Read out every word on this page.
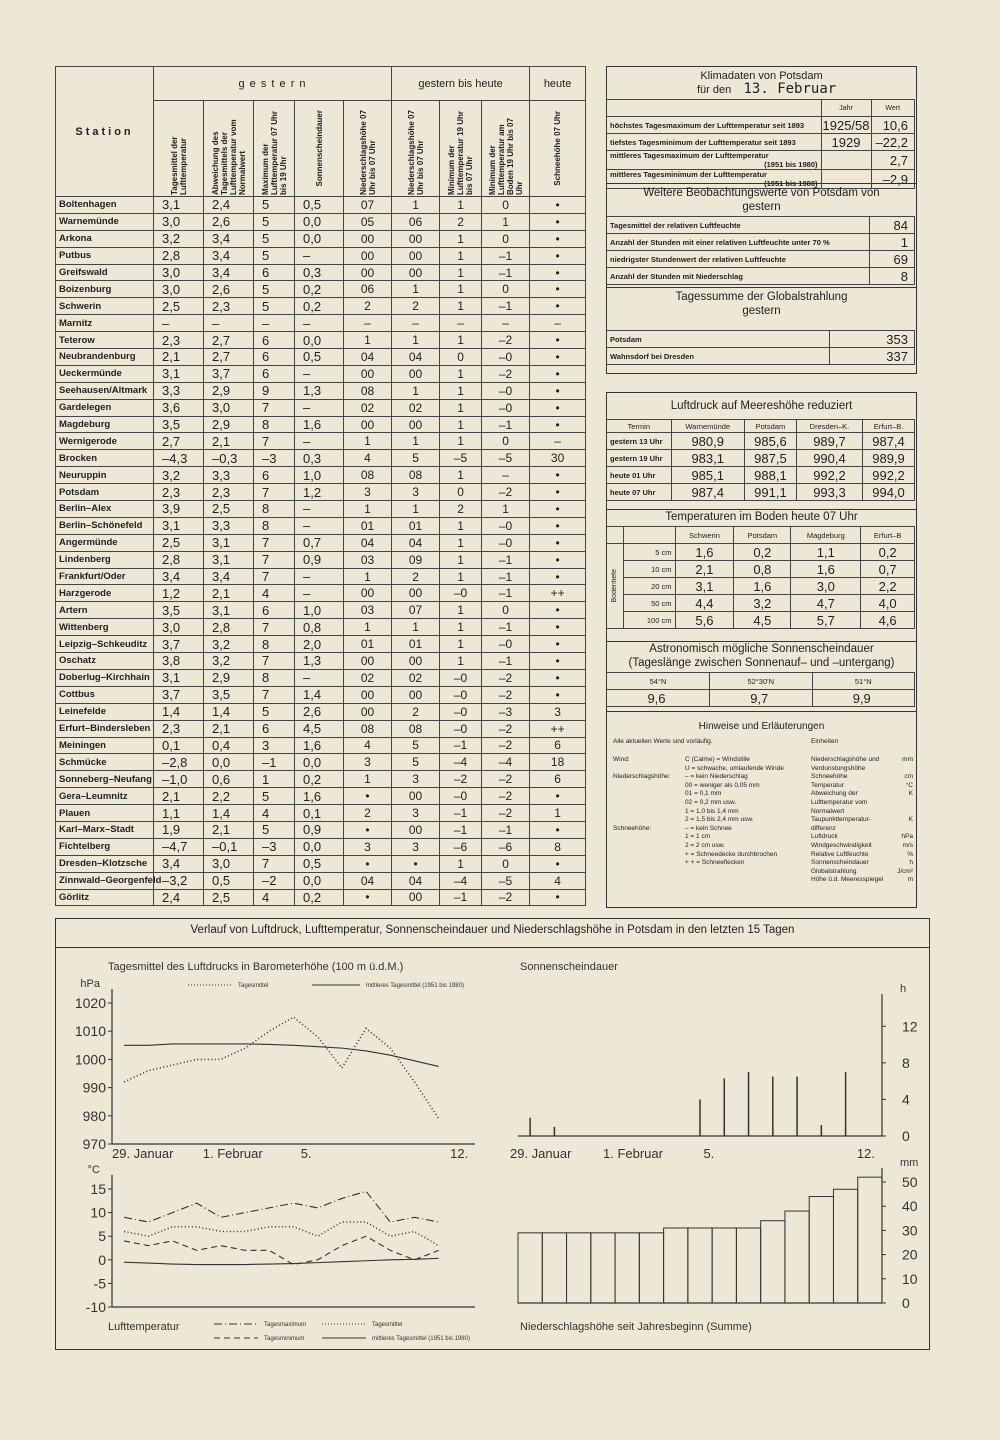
Station	g e s t e r n					gestern bis heute			heute

	Tagesmittel der Lufttemperatur	Abweichung des Tagesmittels der Lufttemperatur vom Normalwert	Maximum der Lufttemperatur 07 Uhr bis 19 Uhr	Sonnenscheindauer	Niederschlagshöhe 07 Uhr bis 07 Uhr	Niederschlagshöhe 07 Uhr bis 07 Uhr	Minimum der Lufttemperatur 19 Uhr bis 07 Uhr	Minimum der Lufttemperatur am Boden 19 Uhr bis 07 Uhr	Schneehöhe 07 Uhr

Boltenhagen	3,1	2,4	5	0,5	07	1	1	0	•
Warnemünde	3,0	2,6	5	0,0	05	06	2	1	•
Arkona	3,2	3,4	5	0,0	00	00	1	0	•
Putbus	2,8	3,4	5	–	00	00	1	–1	•
Greifswald	3,0	3,4	6	0,3	00	00	1	–1	•
Boizenburg	3,0	2,6	5	0,2	06	1	1	0	•
Schwerin	2,5	2,3	5	0,2	2	2	1	–1	•
Marnitz	–	–	–	–	–	–	–	–	–
Teterow	2,3	2,7	6	0,0	1	1	1	–2	•
Neubrandenburg	2,1	2,7	6	0,5	04	04	0	–0	•
Ueckermünde	3,1	3,7	6	–	00	00	1	–2	•
Seehausen/Altmark	3,3	2,9	9	1,3	08	1	1	–0	•
Gardelegen	3,6	3,0	7	–	02	02	1	–0	•
Magdeburg	3,5	2,9	8	1,6	00	00	1	–1	•
Wernigerode	2,7	2,1	7	–	1	1	1	0	–
Brocken	–4,3	–0,3	–3	0,3	4	5	–5	–5	30
Neuruppin	3,2	3,3	6	1,0	08	08	1	–	•
Potsdam	2,3	2,3	7	1,2	3	3	0	–2	•
Berlin–Alex	3,9	2,5	8	–	1	1	2	1	•
Berlin–Schönefeld	3,1	3,3	8	–	01	01	1	–0	•
Angermünde	2,5	3,1	7	0,7	04	04	1	–0	•
Lindenberg	2,8	3,1	7	0,9	03	09	1	–1	•
Frankfurt/Oder	3,4	3,4	7	–	1	2	1	–1	•
Harzgerode	1,2	2,1	4	–	00	00	–0	–1	++
Artern	3,5	3,1	6	1,0	03	07	1	0	•
Wittenberg	3,0	2,8	7	0,8	1	1	1	–1	•
Leipzig–Schkeuditz	3,7	3,2	8	2,0	01	01	1	–0	•
Oschatz	3,8	3,2	7	1,3	00	00	1	–1	•
Doberlug–Kirchhain	3,1	2,9	8	–	02	02	–0	–2	•
Cottbus	3,7	3,5	7	1,4	00	00	–0	–2	•
Leinefelde	1,4	1,4	5	2,6	00	2	–0	–3	3
Erfurt–Bindersleben	2,3	2,1	6	4,5	08	08	–0	–2	++
Meiningen	0,1	0,4	3	1,6	4	5	–1	–2	6
Schmücke	–2,8	0,0	–1	0,0	3	5	–4	–4	18
Sonneberg–Neufang	–1,0	0,6	1	0,2	1	3	–2	–2	6
Gera–Leumnitz	2,1	2,2	5	1,6	•	00	–0	–2	•
Plauen	1,1	1,4	4	0,1	2	3	–1	–2	1
Karl–Marx–Stadt	1,9	2,1	5	0,9	•	00	–1	–1	•
Fichtelberg	–4,7	–0,1	–3	0,0	3	3	–6	–6	8
Dresden–Klotzsche	3,4	3,0	7	0,5	•	•	1	0	•
Zinnwald–Georgenfeld	–3,2	0,5	–2	0,0	04	04	–4	–5	4
Görlitz	2,4	2,5	4	0,2	•	00	–1	–2	•
Klimadaten von Potsdam
für den 13. Februar
	Jahr	Wert
höchstes Tagesmaximum der Lufttemperatur seit 1893	1925/58	10,6
tiefstes Tagesminimum der Lufttemperatur seit 1893	1929	–22,2
mittleres Tagesmaximum der Lufttemperatur
(1951 bis 1980)		2,7
mittleres Tagesminimum der Lufttemperatur
(1951 bis 1980)		–2,9
Weitere Beobachtungswerte von Potsdam von gestern
Tagesmittel der relativen Luftfeuchte	84
Anzahl der Stunden mit einer relativen Luftfeuchte unter 70 %	1
niedrigster Stundenwert der relativen Luftfeuchte	69
Anzahl der Stunden mit Niederschlag	8
Tagessumme der Globalstrahlung gestern
Potsdam	353
Wahnsdorf bei Dresden	337
Luftdruck auf Meereshöhe reduziert
Termin	Warnemünde	Potsdam	Dresden–K.	Erfurt–B.
gestern 13 Uhr	980,9	985,6	989,7	987,4
gestern 19 Uhr	983,1	987,5	990,4	989,9
heute 01 Uhr	985,1	988,1	992,2	992,2
heute 07 Uhr	987,4	991,1	993,3	994,0
Temperaturen im Boden heute 07 Uhr
		Schwerin	Potsdam	Magdeburg	Erfurt–B

Bodentiefe	5 cm	1,6	0,2	1,1	0,2
	10 cm	2,1	0,8	1,6	0,7
	20 cm	3,1	1,6	3,0	2,2
	50 cm	4,4	3,2	4,7	4,0
	100 cm	5,6	4,5	5,7	4,6
Astronomisch mögliche Sonnenscheindauer
(Tageslänge zwischen Sonnenauf– und –untergang)
54°N	52°30'N	51°N
9,6	9,7	9,9
Hinweise und Erläuterungen
Alle aktuellen Werte sind vorläufig.	Einheiten
Wind:	C (Calme) = Windstille
U = schwache, umlaufende Winde
Niederschlagshöhe:	– = kein Niederschlag
00 = weniger als 0,05 mm
01 = 0,1 mm
02 = 0,2 mm usw.
1 = 1,0 bis 1,4 mm
2 = 1,5 bis 2,4 mm usw.
Schneehöhe:	– = kein Schnee
1 = 1 cm
2 = 2 cm usw.
+ = Schneedecke durchbrochen
+ + = Schneeflecken
Niederschlagshöhe und Verdunstungshöhe
mm
Schneehöhe	cm
Temperatur	°C
Abweichung der Lufttemperatur vom Normalwert
K
Taupunkttemperatur-differenz
K
Luftdruck	hPa
Windgeschwindigkeit	m/s
Relative Luftfeuchte	%
Sonnenscheindauer	h
Globalstrahlung	J/cm²
Höhe ü.d. Meeresspiegel	m
Verlauf von Luftdruck, Lufttemperatur, Sonnenscheindauer und Niederschlagshöhe in Potsdam in den letzten 15 Tagen
970
980
990
1000
1010
1020
hPa
Tagesmittel des Luftdrucks in Barometerhöhe (100 m ü.d.M.)
Tagesmittel	mittleres Tagesmittel (1951 bis 1980)
29. Januar 1. Februar	5.	12.
0
4
8
12
h
Sonnenscheindauer
29. Januar 1. Februar	5.	12.
-10
-5
0
5
10
15
°C
Lufttemperatur	Tagesmaximum	Tagesmittel
Tagesminimum	mittleres Tagesmittel (1951 bis 1980)
0
10
20
30
40
50
mm
Niederschlagshöhe seit Jahresbeginn (Summe)
